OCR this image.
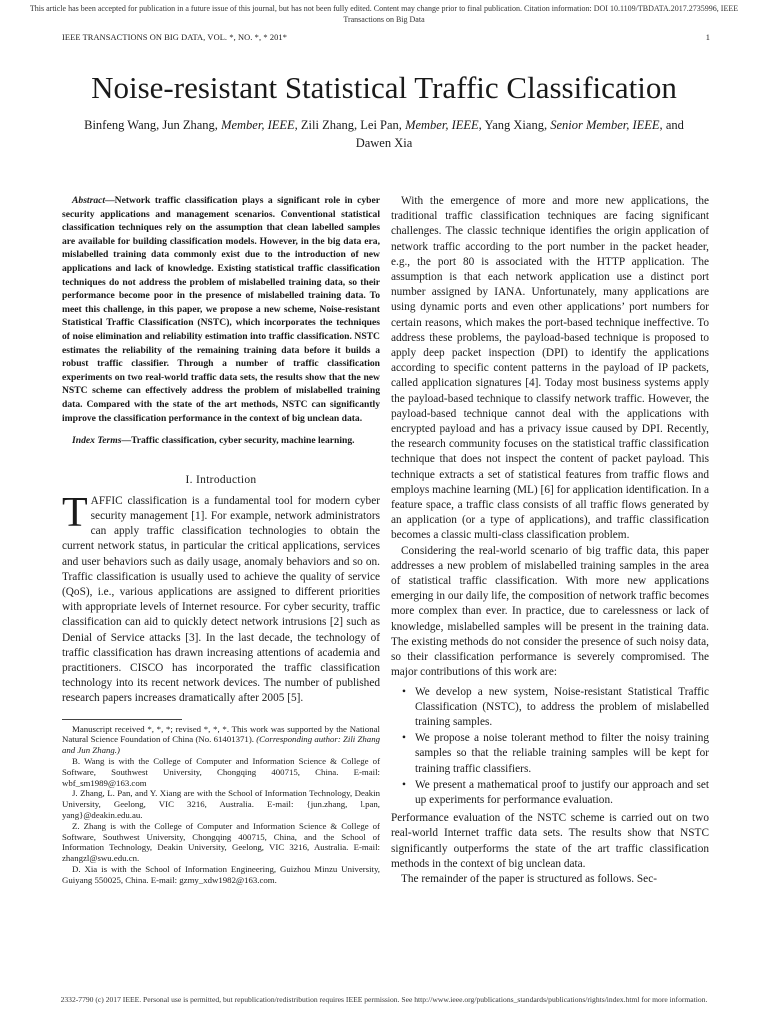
This article has been accepted for publication in a future issue of this journal, but has not been fully edited. Content may change prior to final publication. Citation information: DOI 10.1109/TBDATA.2017.2735996, IEEE Transactions on Big Data
IEEE TRANSACTIONS ON BIG DATA, VOL. *, NO. *, * 201*	1
Noise-resistant Statistical Traffic Classification
Binfeng Wang, Jun Zhang, Member, IEEE, Zili Zhang, Lei Pan, Member, IEEE, Yang Xiang, Senior Member, IEEE, and Dawen Xia

Abstract—Network traffic classification plays a significant role in cyber security applications and management scenarios. Conventional statistical classification techniques rely on the assumption that clean labelled samples are available for building classification models. However, in the big data era, mislabelled training data commonly exist due to the introduction of new applications and lack of knowledge. Existing statistical traffic classification techniques do not address the problem of mislabelled training data, so their performance become poor in the presence of mislabelled training data. To meet this challenge, in this paper, we propose a new scheme, Noise-resistant Statistical Traffic Classification (NSTC), which incorporates the techniques of noise elimination and reliability estimation into traffic classification. NSTC estimates the reliability of the remaining training data before it builds a robust traffic classifier. Through a number of traffic classification experiments on two real-world traffic data sets, the results show that the new NSTC scheme can effectively address the problem of mislabelled training data. Compared with the state of the art methods, NSTC can significantly improve the classification performance in the context of big unclean data.

Index Terms—Traffic classification, cyber security, machine learning.

I. Introduction

TAFFIC classification is a fundamental tool for modern cyber security management [1]. For example, network administrators can apply traffic classification technologies to obtain the current network status, in particular the critical applications, services and user behaviors such as daily usage, anomaly behaviors and so on. Traffic classification is usually used to achieve the quality of service (QoS), i.e., various applications are assigned to different priorities with appropriate levels of Internet resource. For cyber security, traffic classification can aid to quickly detect network intrusions [2] such as Denial of Service attacks [3]. In the last decade, the technology of traffic classification has drawn increasing attentions of academia and practitioners. CISCO has incorporated the traffic classification technology into its recent network devices. The number of published research papers increases dramatically after 2005 [5].

Manuscript received *, *, *; revised *, *, *. This work was supported by the National Natural Science Foundation of China (No. 61401371). (Corresponding author: Zili Zhang and Jun Zhang.)

B. Wang is with the College of Computer and Information Science & College of Software, Southwest University, Chongqing 400715, China. E-mail: wbf_sm1989@163.com

J. Zhang, L. Pan, and Y. Xiang are with the School of Information Technology, Deakin University, Geelong, VIC 3216, Australia. E-mail: {jun.zhang, l.pan, yang}@deakin.edu.au.

Z. Zhang is with the College of Computer and Information Science & College of Software, Southwest University, Chongqing 400715, China, and the School of Information Technology, Deakin University, Geelong, VIC 3216, Australia. E-mail: zhangzl@swu.edu.cn.

D. Xia is with the School of Information Engineering, Guizhou Minzu University, Guiyang 550025, China. E-mail: gzmy_xdw1982@163.com.

With the emergence of more and more new applications, the traditional traffic classification techniques are facing significant challenges. The classic technique identifies the origin application of network traffic according to the port number in the packet header, e.g., the port 80 is associated with the HTTP application. The assumption is that each network application use a distinct port number assigned by IANA. Unfortunately, many applications are using dynamic ports and even other applications’ port numbers for certain reasons, which makes the port-based technique ineffective. To address these problems, the payload-based technique is proposed to apply deep packet inspection (DPI) to identify the applications according to specific content patterns in the payload of IP packets, called application signatures [4]. Today most business systems apply the payload-based technique to classify network traffic. However, the payload-based technique cannot deal with the applications with encrypted payload and has a privacy issue caused by DPI. Recently, the research community focuses on the statistical traffic classification technique that does not inspect the content of packet payload. This technique extracts a set of statistical features from traffic flows and employs machine learning (ML) [6] for application identification. In a feature space, a traffic class consists of all traffic flows generated by an application (or a type of applications), and traffic classification becomes a classic multi-class classification problem.

Considering the real-world scenario of big traffic data, this paper addresses a new problem of mislabelled training samples in the area of statistical traffic classification. With more new applications emerging in our daily life, the composition of network traffic becomes more complex than ever. In practice, due to carelessness or lack of knowledge, mislabelled samples will be present in the training data. The existing methods do not consider the presence of such noisy data, so their classification performance is severely compromised. The major contributions of this work are:

• We develop a new system, Noise-resistant Statistical Traffic Classification (NSTC), to address the problem of mislabelled training samples.
• We propose a noise tolerant method to filter the noisy training samples so that the reliable training samples will be kept for training traffic classifiers.
• We present a mathematical proof to justify our approach and set up experiments for performance evaluation.

Performance evaluation of the NSTC scheme is carried out on two real-world Internet traffic data sets. The results show that NSTC significantly outperforms the state of the art traffic classification methods in the context of big unclean data.

The remainder of the paper is structured as follows. Sec-

2332-7790 (c) 2017 IEEE. Personal use is permitted, but republication/redistribution requires IEEE permission. See http://www.ieee.org/publications_standards/publications/rights/index.html for more information.
